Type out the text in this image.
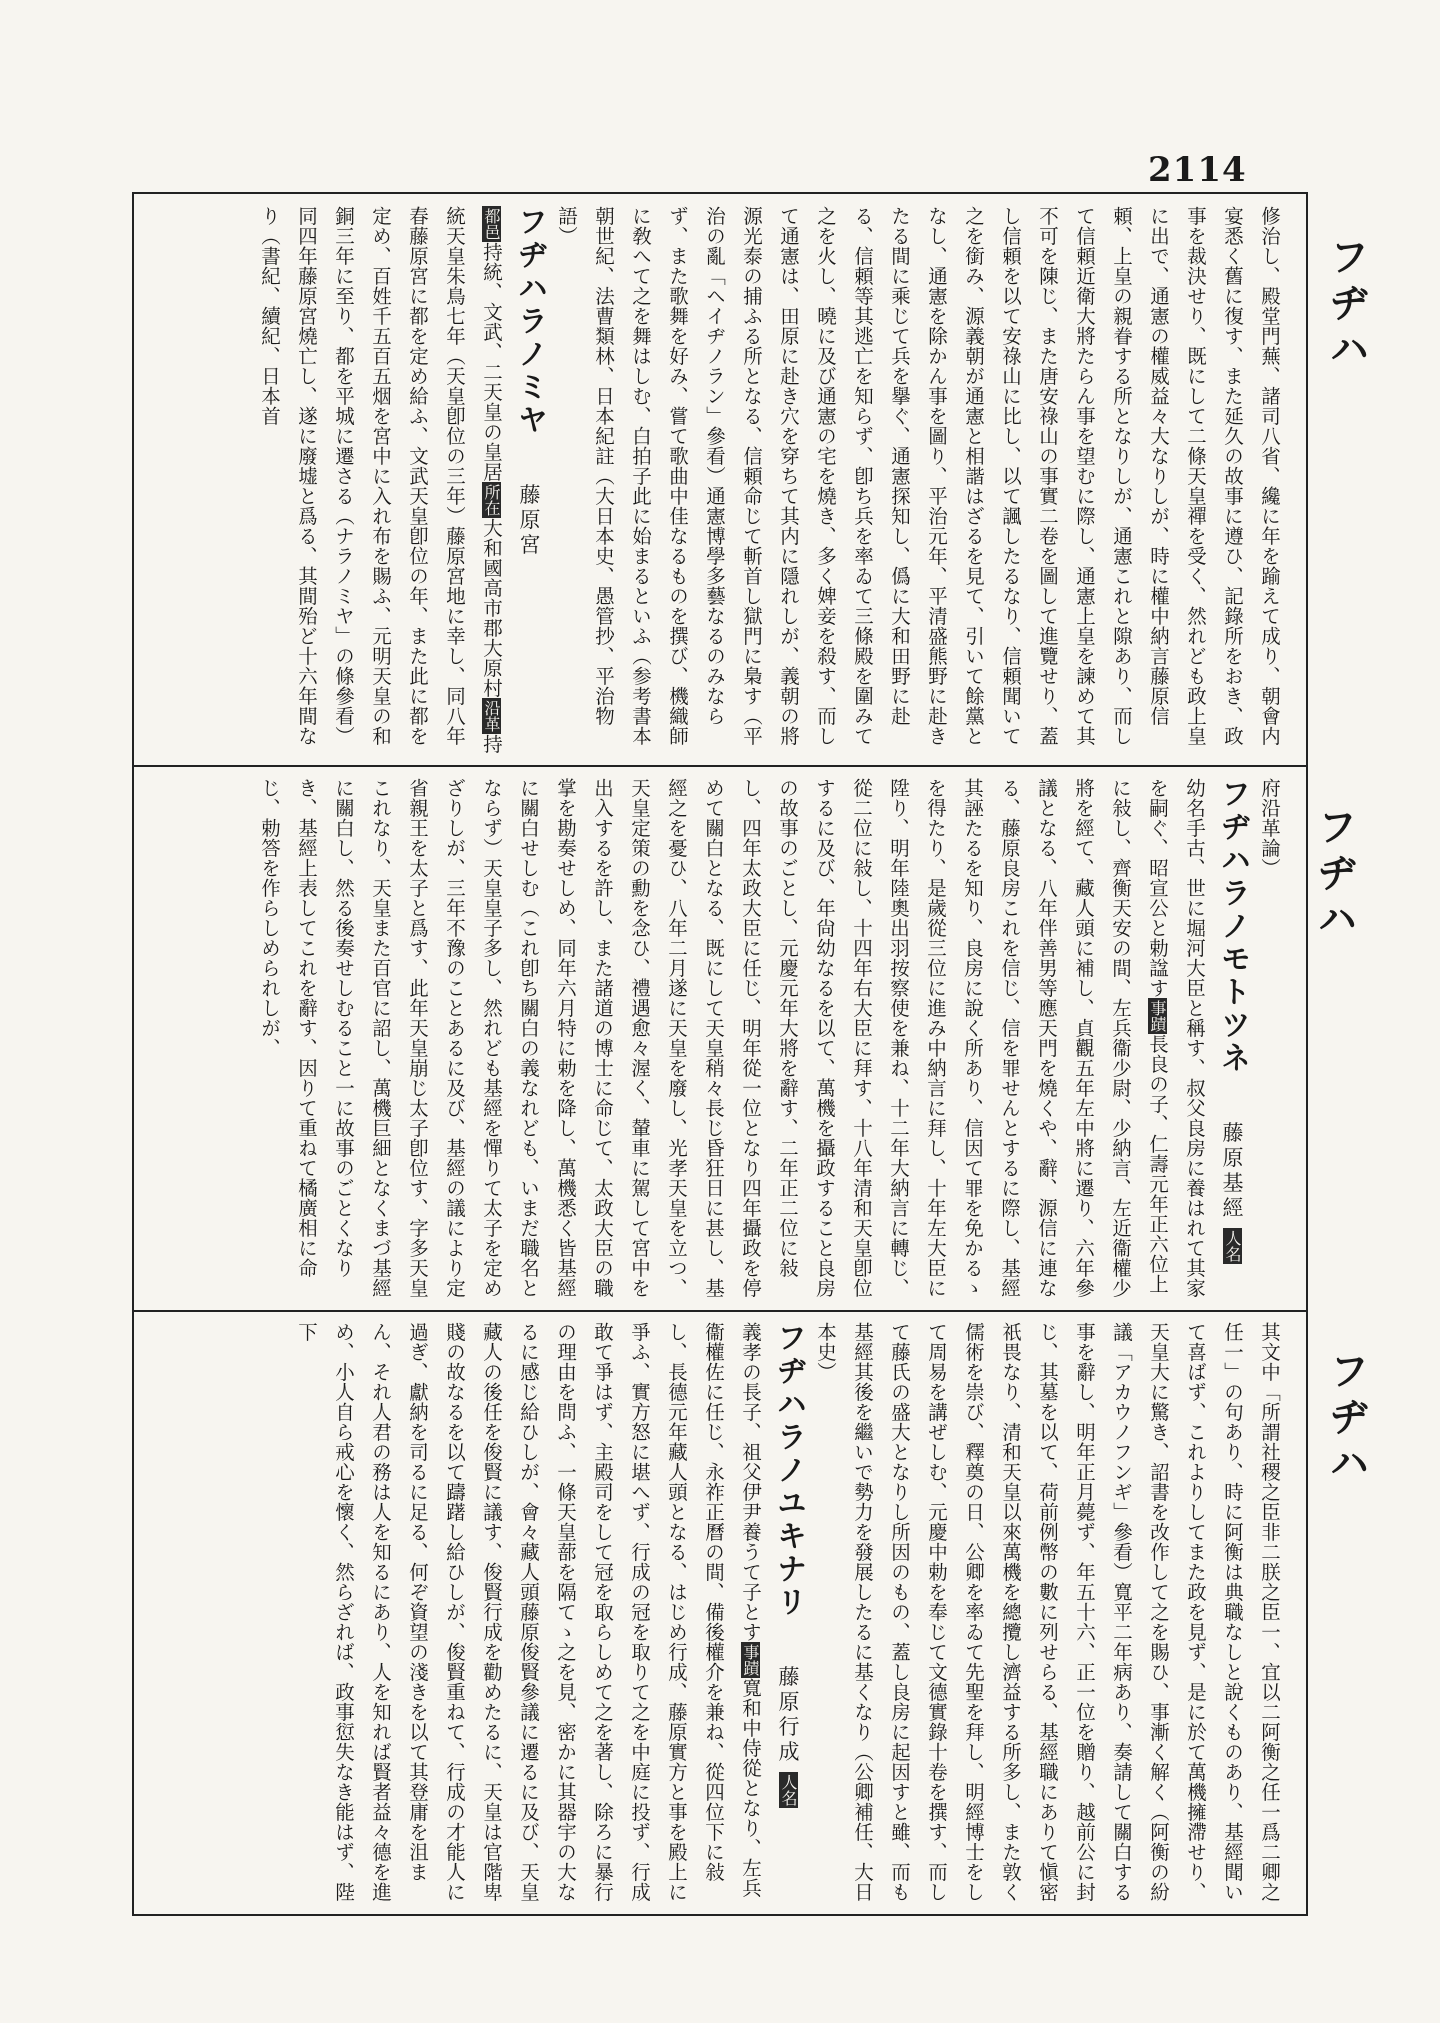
2114
フヂハ
フヂハ
フヂハ
修治し、殿堂門蕪、諸司八省、纔に年を踰えて成り、朝會内宴悉く舊に復す、また延久の故事に遵ひ、記錄所をおき、政事を裁決せり、既にして二條天皇禪を受く、然れども政上皇に出で、通憲の權威益々大なりしが、時に權中納言藤原信頼、上皇の親眷する所となりしが、通憲これと隙あり、而して信頼近衛大將たらん事を望むに際し、通憲上皇を諫めて其不可を陳じ、また唐安祿山の事實二卷を圖して進覽せり、蓋し信頼を以て安祿山に比し、以て諷したるなり、信頼聞いて之を銜み、源義朝が通憲と相諧はざるを見て、引いて餘黨となし、通憲を除かん事を圖り、平治元年、平清盛熊野に赴きたる間に乘じて兵を擧ぐ、通憲探知し、僞に大和田野に赴る、信頼等其逃亡を知らず、卽ち兵を率ゐて三條殿を圍みて之を火し、曉に及び通憲の宅を燒き、多く婢妾を殺す、而して通憲は、田原に赴き穴を穿ちて其内に隱れしが、義朝の將源光泰の捕ふる所となる、信頼命じて斬首し獄門に梟す（平治の亂「ヘイヂノラン」參看）通憲博學多藝なるのみならず、また歌舞を好み、嘗て歌曲中佳なるものを撰び、機織師に敎へて之を舞はしむ、白拍子此に始まるといふ（参考書本朝世紀、法曹類林、日本紀註（大日本史、愚管抄、平治物語）
フヂハラノミヤ　　 藤原宮
都邑持統、文武、二天皇の皇居所在大和國高市郡大原村沿革持統天皇朱鳥七年（天皇卽位の三年）藤原宮地に幸し、同八年春藤原宮に都を定め給ふ、文武天皇卽位の年、また此に都を定め、百姓千五百五烟を宮中に入れ布を賜ふ、元明天皇の和銅三年に至り、都を平城に遷さる（ナラノミヤ」の條參看）同四年藤原宮燒亡し、遂に廢墟と爲る、其間殆ど十六年間なり（書紀、續紀、日本首
府沿革論）
フヂハラノモトツネ　　 藤原基經 人名
幼名手古、世に堀河大臣と稱す、叔父良房に養はれて其家を嗣ぐ、昭宣公と勅諡す事蹟長良の子、仁壽元年正六位上に敍し、齊衡天安の間、左兵衞少尉、少納言、左近衞權少將を經て、藏人頭に補し、貞觀五年左中將に遷り、六年參議となる、八年伴善男等應天門を燒くや、辭、源信に連なる、藤原良房これを信じ、信を罪せんとするに際し、基經其誣たるを知り、良房に說く所あり、信因て罪を免かるゝを得たり、是歲從三位に進み中納言に拜し、十年左大臣に陞り、明年陸奧出羽按察使を兼ね、十二年大納言に轉じ、從二位に敍し、十四年右大臣に拜す、十八年清和天皇卽位するに及び、年尙幼なるを以て、萬機を攝政すること良房の故事のごとし、元慶元年大將を辭す、二年正二位に敍し、四年太政大臣に任じ、明年從一位となり四年攝政を停めて關白となる、既にして天皇稍々長じ昏狂日に甚し、基經之を憂ひ、八年二月遂に天皇を廢し、光孝天皇を立つ、天皇定策の勳を念ひ、禮遇愈々渥く、輦車に駕して宮中を出入するを許し、また諸道の博士に命じて、太政大臣の職掌を勘奏せしめ、同年六月特に勅を降し、萬機悉く皆基經に關白せしむ（これ卽ち關白の義なれども、いまだ職名とならず）天皇皇子多し、然れども基經を憚りて太子を定めざりしが、三年不豫のことあるに及び、基經の議により定省親王を太子と爲す、此年天皇崩じ太子卽位す、字多天皇これなり、天皇また百官に詔し、萬機巨細となくまづ基經に關白し、然る後奏せしむること一に故事のごとくなりき、基經上表してこれを辭す、因りて重ねて橘廣相に命じ、勅答を作らしめられしが、
其文中「所謂社稷之臣非二朕之臣一、宜以二阿衡之任一爲二卿之任一」の句あり、時に阿衡は典職なしと說くものあり、基經聞いて喜ばず、これよりしてまた政を見ず、是に於て萬機擁滯せり、天皇大に驚き、詔書を改作して之を賜ひ、事漸く解く（阿衡の紛議「アカウノフンギ」參看）寬平二年病あり、奏請して關白する事を辭し、明年正月薨ず、年五十六、正一位を贈り、越前公に封じ、其墓を以て、荷前例幣の數に列せらる、基經職にありて愼密祇畏なり、清和天皇以來萬機を總攬し濟益する所多し、また敦く儒術を崇び、釋奠の日、公卿を率ゐて先聖を拜し、明經博士をして周易を講ぜしむ、元慶中勅を奉じて文德實錄十卷を撰す、而して藤氏の盛大となりし所因のもの、蓋し良房に起因すと雖、而も基經其後を繼いで勢力を發展したるに基くなり（公卿補任、大日本史）
フヂハラノユキナリ　　 藤原行成 人名
義孝の長子、祖父伊尹養うて子とす事蹟寬和中侍從となり、左兵衞權佐に任じ、永祚正曆の間、備後權介を兼ね、從四位下に敍し、長德元年藏人頭となる、はじめ行成、藤原實方と事を殿上に爭ふ、實方怒に堪へず、行成の冠を取りて之を中庭に投ず、行成敢て爭はず、主殿司をして冠を取らしめて之を著し、除ろに暴行の理由を問ふ、一條天皇蔀を隔てゝ之を見、密かに其器宇の大なるに感じ給ひしが、會々藏人頭藤原俊賢參議に遷るに及び、天皇藏人の後任を俊賢に議す、俊賢行成を勸めたるに、天皇は官階卑賤の故なるを以て躊躇し給ひしが、俊賢重ねて、行成の才能人に過ぎ、獻納を司るに足る、何ぞ資望の淺きを以て其登庸を沮まん、それ人君の務は人を知るにあり、人を知れば賢者益々德を進め、小人自ら戒心を懷く、然らざれば、政事愆失なき能はず、陛下
